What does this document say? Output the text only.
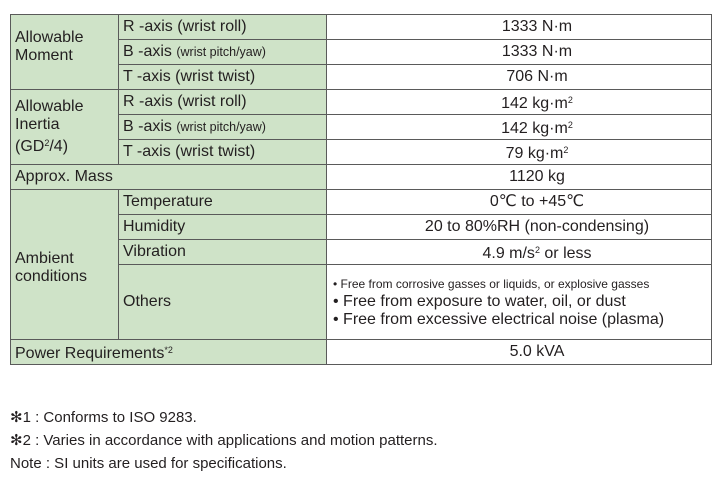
Allowable Moment	R -axis (wrist roll)	1333 N·m
	B -axis (wrist pitch/yaw)	1333 N·m
	T -axis (wrist twist)	706 N·m
Allowable
Inertia
$(GD^2/4)$	R -axis (wrist roll)	142 $kg\cdot m^2$
	B -axis (wrist pitch/yaw)	142 $kg\cdot m^2$
	T -axis (wrist twist)	79 $kg\cdot m^2$
Approx. Mass		1120 kg
Ambient
conditions	Temperature	0℃ to +45℃
	Humidity	20 to 80%RH (non-condensing)
	Vibration	4.9 $m/s^2$ or less
	Others	• Free from corrosive gasses or liquids, or explosive gasses
• Free from exposure to water, oil, or dust
• Free from excessive electrical noise (plasma)

Power Requirements$^{*2}$		5.0 kVA
✻1 : Conforms to ISO 9283.
✻2 : Varies in accordance with applications and motion patterns.
Note : SI units are used for specifications.
